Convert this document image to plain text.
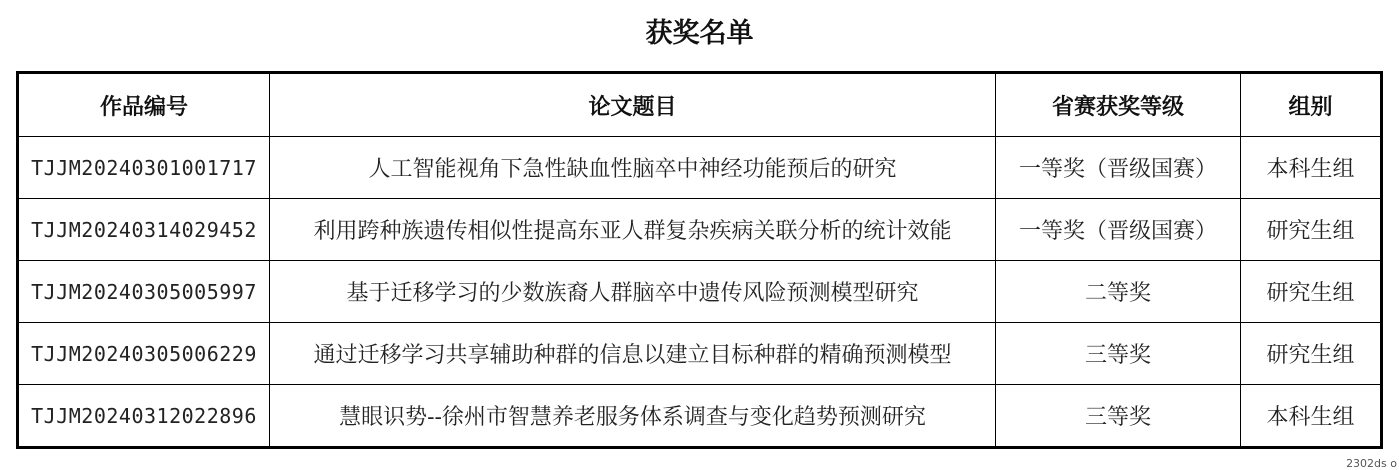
获奖名单
作品编号	论文题目	省赛获奖等级	组别
TJJM20240301001717	人工智能视角下急性缺血性脑卒中神经功能预后的研究	一等奖（晋级国赛）	本科生组
TJJM20240314029452	利用跨种族遗传相似性提高东亚人群复杂疾病关联分析的统计效能	一等奖（晋级国赛）	研究生组
TJJM20240305005997	基于迁移学习的少数族裔人群脑卒中遗传风险预测模型研究	二等奖	研究生组
TJJM20240305006229	通过迁移学习共享辅助种群的信息以建立目标种群的精确预测模型	三等奖	研究生组
TJJM20240312022896	慧眼识势--徐州市智慧养老服务体系调查与变化趋势预测研究	三等奖	本科生组
2302ds o
